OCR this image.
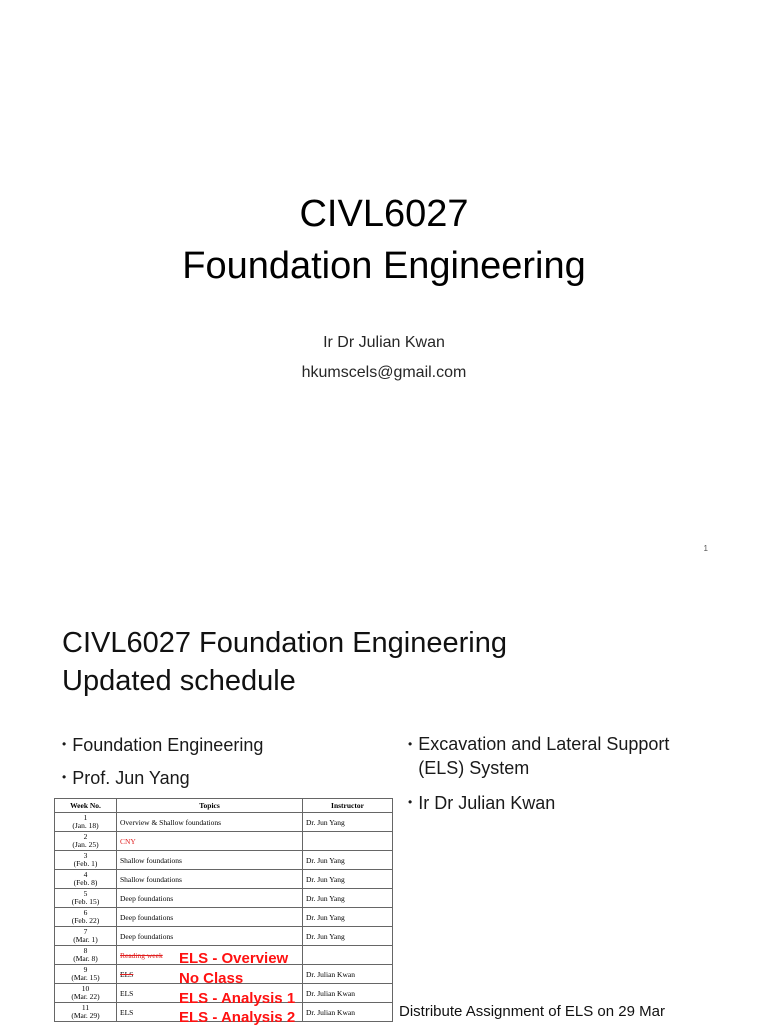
CIVL6027
Foundation Engineering
Ir Dr Julian Kwan
hkumscels@gmail.com
1
CIVL6027 Foundation Engineering
Updated schedule
• Foundation Engineering
• Prof. Jun Yang
• Excavation and Lateral Support (ELS) System
• Ir Dr Julian Kwan
Week No.	Topics	Instructor
1
(Jan. 18)	Overview & Shallow foundations	Dr. Jun Yang
2
(Jan. 25)	CNY	
3
(Feb. 1)	Shallow foundations	Dr. Jun Yang
4
(Feb. 8)	Shallow foundations	Dr. Jun Yang
5
(Feb. 15)	Deep foundations	Dr. Jun Yang
6
(Feb. 22)	Deep foundations	Dr. Jun Yang
7
(Mar. 1)	Deep foundations	Dr. Jun Yang
8
(Mar. 8)	Reading week	
9
(Mar. 15)	ELS	Dr. Julian Kwan
10
(Mar. 22)	ELS	Dr. Julian Kwan
11
(Mar. 29)	ELS	Dr. Julian Kwan
ELS - Overview
No Class
ELS - Analysis 1
ELS - Analysis 2	Distribute Assignment of ELS on 29 Mar
